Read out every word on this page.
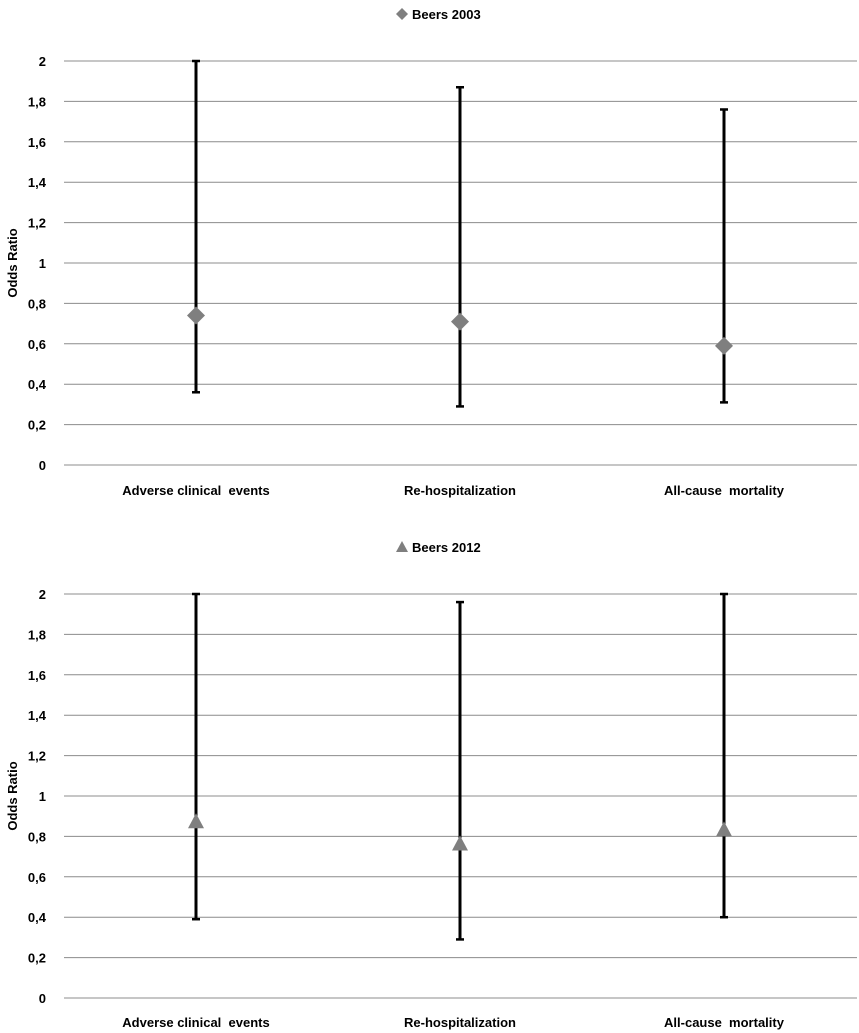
Beers 2003
0
0,2
0,4
0,6
0,8
1
1,2
1,4
1,6
1,8
2
Odds Ratio
Adverse clinical  events	Re-hospitalization	All-cause  mortality
Beers 2012
0
0,2
0,4
0,6
0,8
1
1,2
1,4
1,6
1,8
2
Odds Ratio
Adverse clinical  events	Re-hospitalization	All-cause  mortality
